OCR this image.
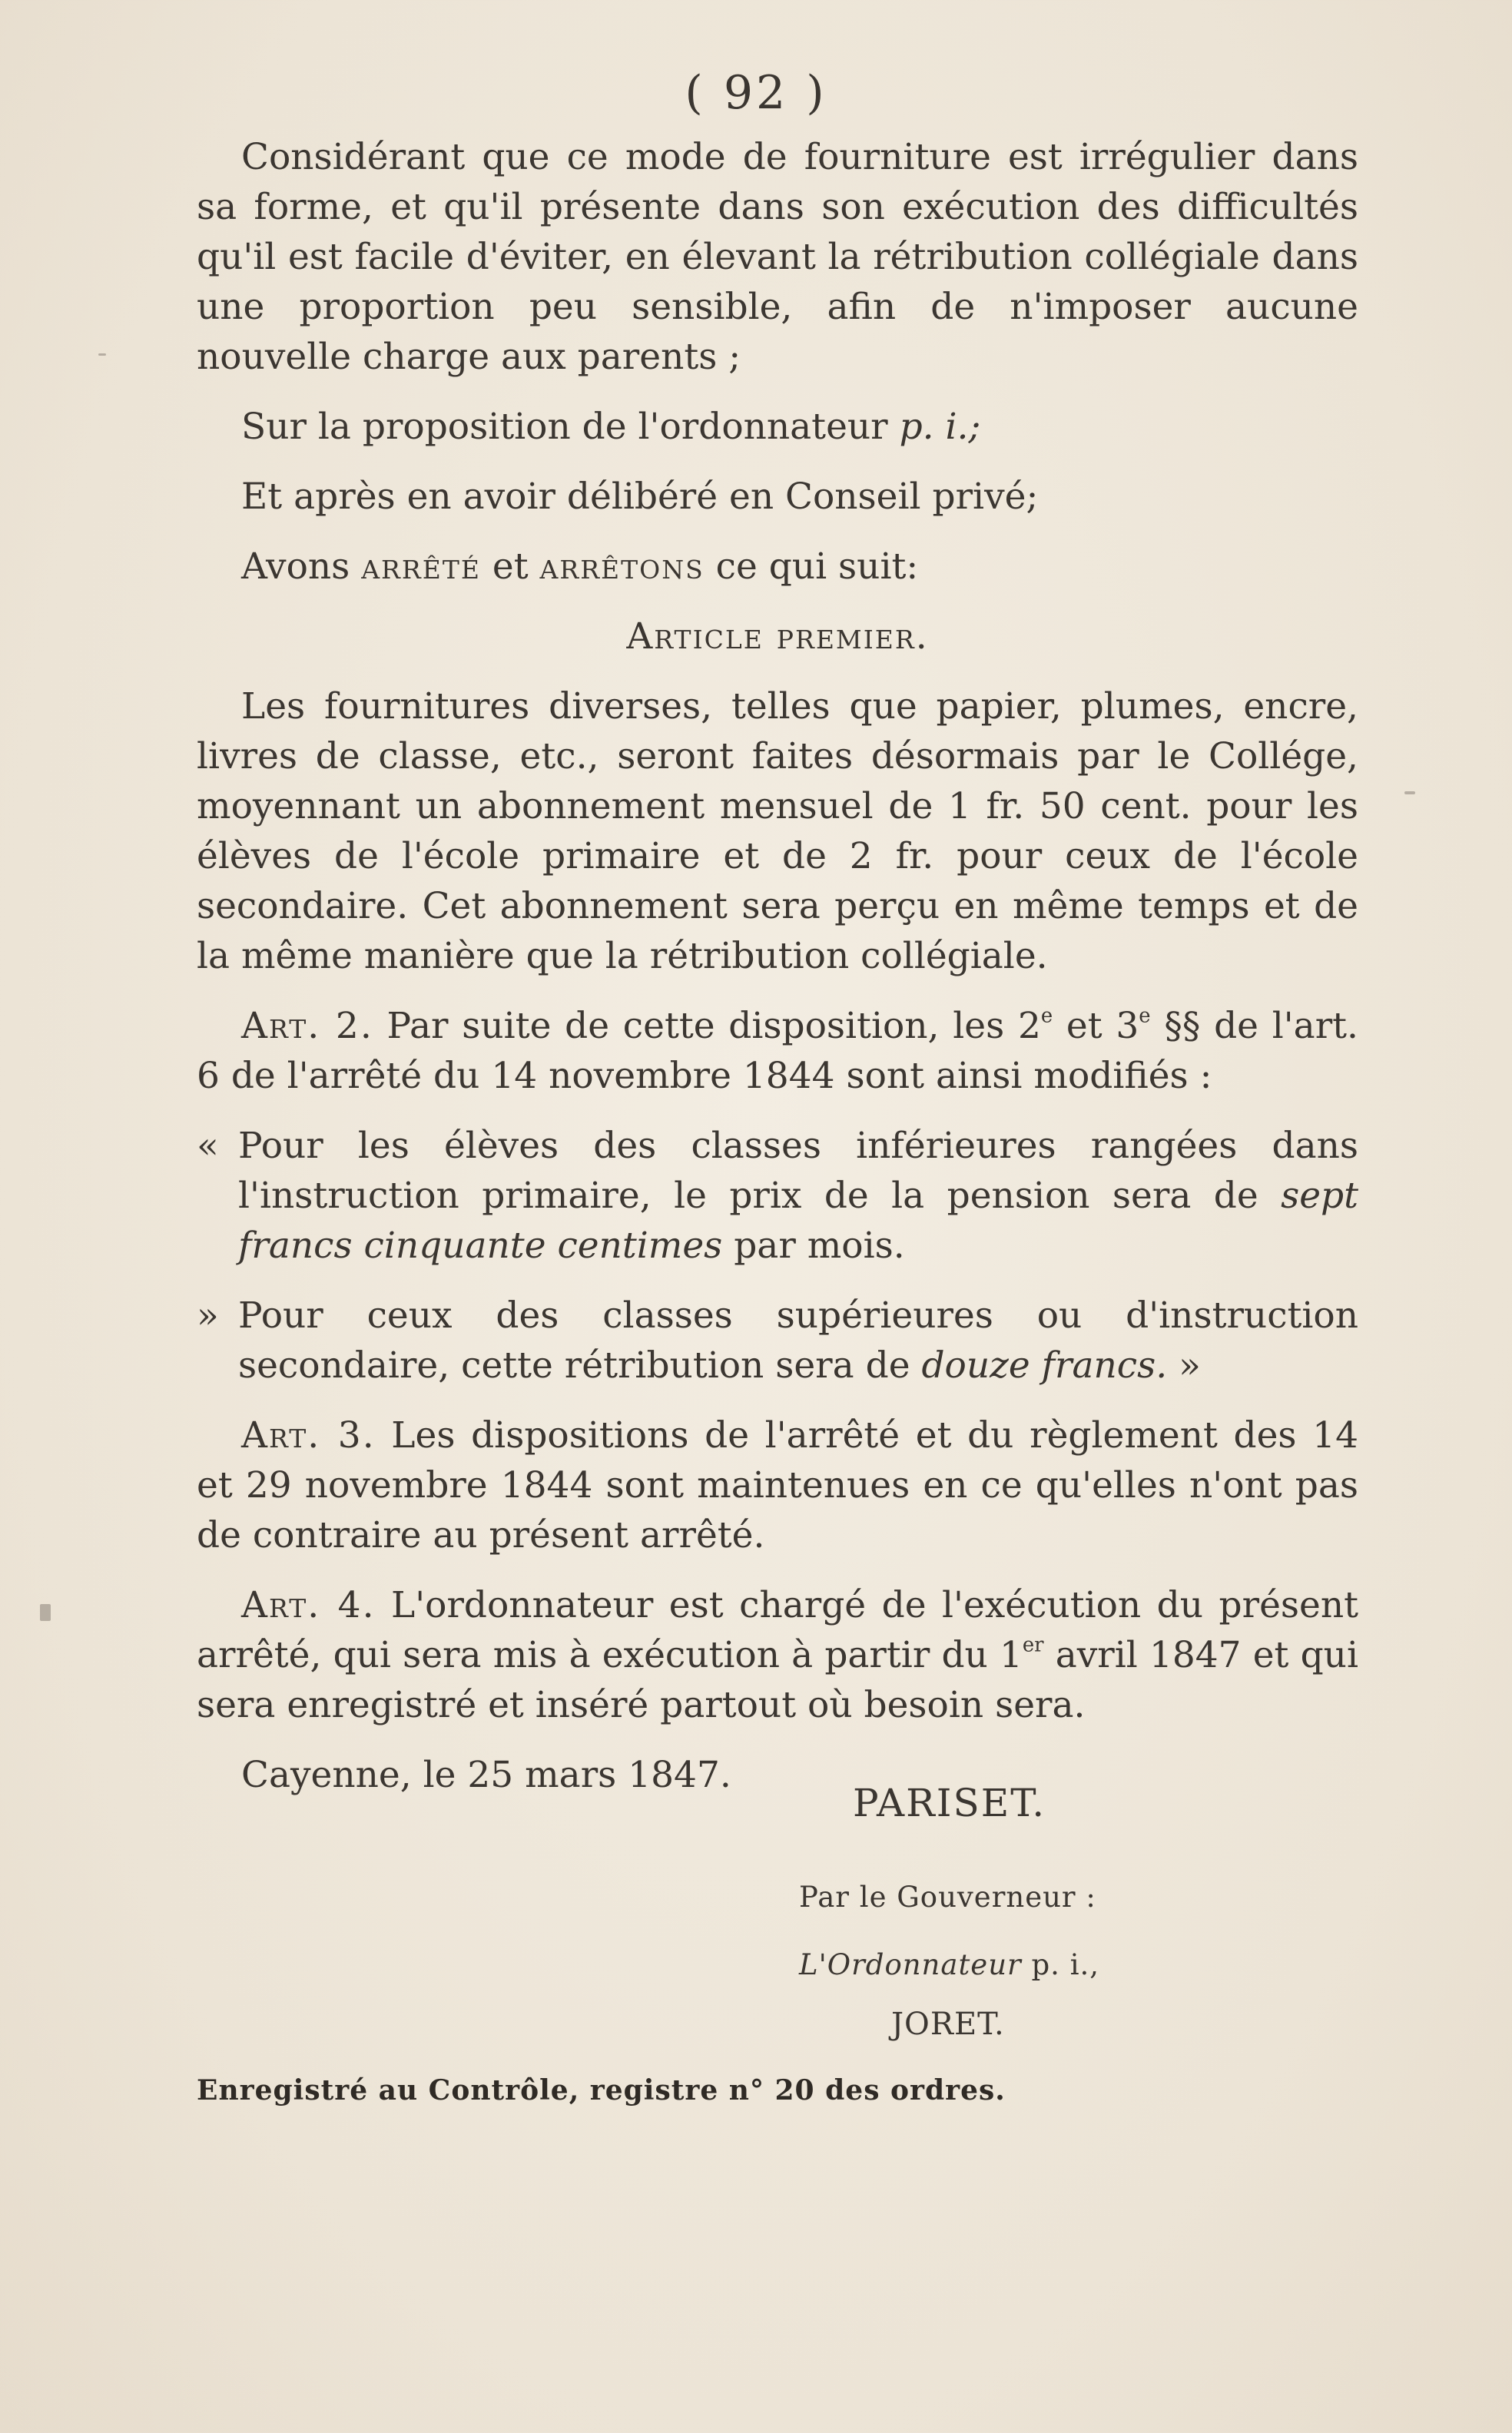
( 92 )

Considérant que ce mode de fourniture est irrégulier dans sa forme, et qu'il présente dans son exécution des difficultés qu'il est facile d'éviter, en élevant la rétribution collégiale dans une proportion peu sensible, afin de n'imposer aucune nouvelle charge aux parents ;

Sur la proposition de l'ordonnateur p. i.;

Et après en avoir délibéré en Conseil privé;

Avons arrêté et arrêtons ce qui suit:

Article premier.

Les fournitures diverses, telles que papier, plumes, encre, livres de classe, etc., seront faites désormais par le Collége, moyennant un abonnement mensuel de 1 fr. 50 cent. pour les élèves de l'école primaire et de 2 fr. pour ceux de l'école secondaire. Cet abonnement sera perçu en même temps et de la même manière que la rétribution collégiale.

Art. 2. Par suite de cette disposition, les 2e et 3e §§ de l'art. 6 de l'arrêté du 14 novembre 1844 sont ainsi modifiés :

« Pour les élèves des classes inférieures rangées dans l'instruction primaire, le prix de la pension sera de sept francs cinquante centimes par mois.

» Pour ceux des classes supérieures ou d'instruction secondaire, cette rétribution sera de douze francs. »

Art. 3. Les dispositions de l'arrêté et du règlement des 14 et 29 novembre 1844 sont maintenues en ce qu'elles n'ont pas de contraire au présent arrêté.

Art. 4. L'ordonnateur est chargé de l'exécution du présent arrêté, qui sera mis à exécution à partir du 1er avril 1847 et qui sera enregistré et inséré partout où besoin sera.

Cayenne, le 25 mars 1847.

PARISET.
Par le Gouverneur :
L'Ordonnateur p. i.,
JORET.
Enregistré au Contrôle, registre n° 20 des ordres.
